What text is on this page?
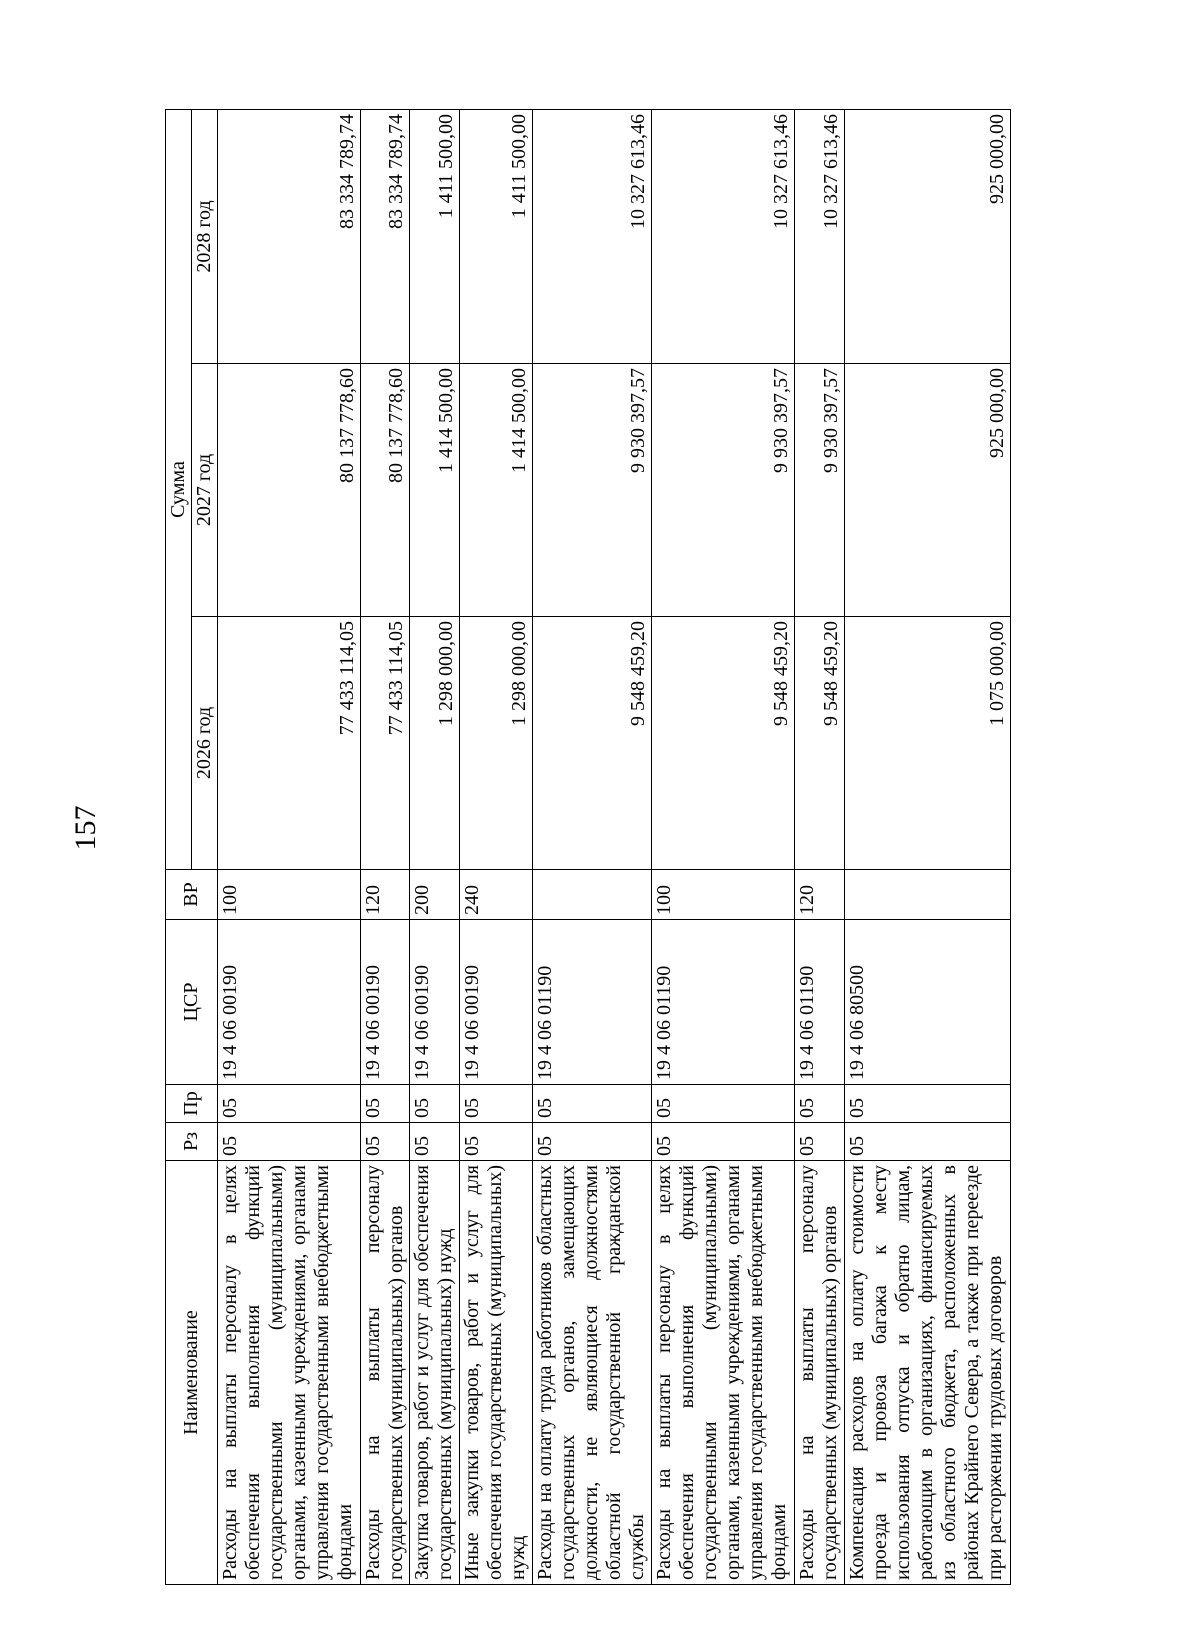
157
Наименование	Рз	Пр	ЦСР	ВР	Сумма		
					2026 год	2027 год	2028 год
Расходы на выплаты персоналу в целях обеспечения выполнения функций государственными (муниципальными) органами, казенными учреждениями, органами управления государственными внебюджетными фондами	05	05	19 4 06 00190	100	77 433 114,05	80 137 778,60	83 334 789,74
Расходы на выплаты персоналу государственных (муниципальных) органов	05	05	19 4 06 00190	120	77 433 114,05	80 137 778,60	83 334 789,74
Закупка товаров, работ и услуг для обеспечения государственных (муниципальных) нужд	05	05	19 4 06 00190	200	1 298 000,00	1 414 500,00	1 411 500,00
Иные закупки товаров, работ и услуг для обеспечения государственных (муниципальных) нужд	05	05	19 4 06 00190	240	1 298 000,00	1 414 500,00	1 411 500,00
Расходы на оплату труда работников областных государственных органов, замещающих должности, не являющиеся должностями областной государственной гражданской службы	05	05	19 4 06 01190		9 548 459,20	9 930 397,57	10 327 613,46
Расходы на выплаты персоналу в целях обеспечения выполнения функций государственными (муниципальными) органами, казенными учреждениями, органами управления государственными внебюджетными фондами	05	05	19 4 06 01190	100	9 548 459,20	9 930 397,57	10 327 613,46
Расходы на выплаты персоналу государственных (муниципальных) органов	05	05	19 4 06 01190	120	9 548 459,20	9 930 397,57	10 327 613,46
Компенсация расходов на оплату стоимости проезда и провоза багажа к месту использования отпуска и обратно лицам, работающим в организациях, финансируемых из областного бюджета, расположенных в районах Крайнего Севера, а также при переезде при расторжении трудовых договоров	05	05	19 4 06 80500		1 075 000,00	925 000,00	925 000,00
